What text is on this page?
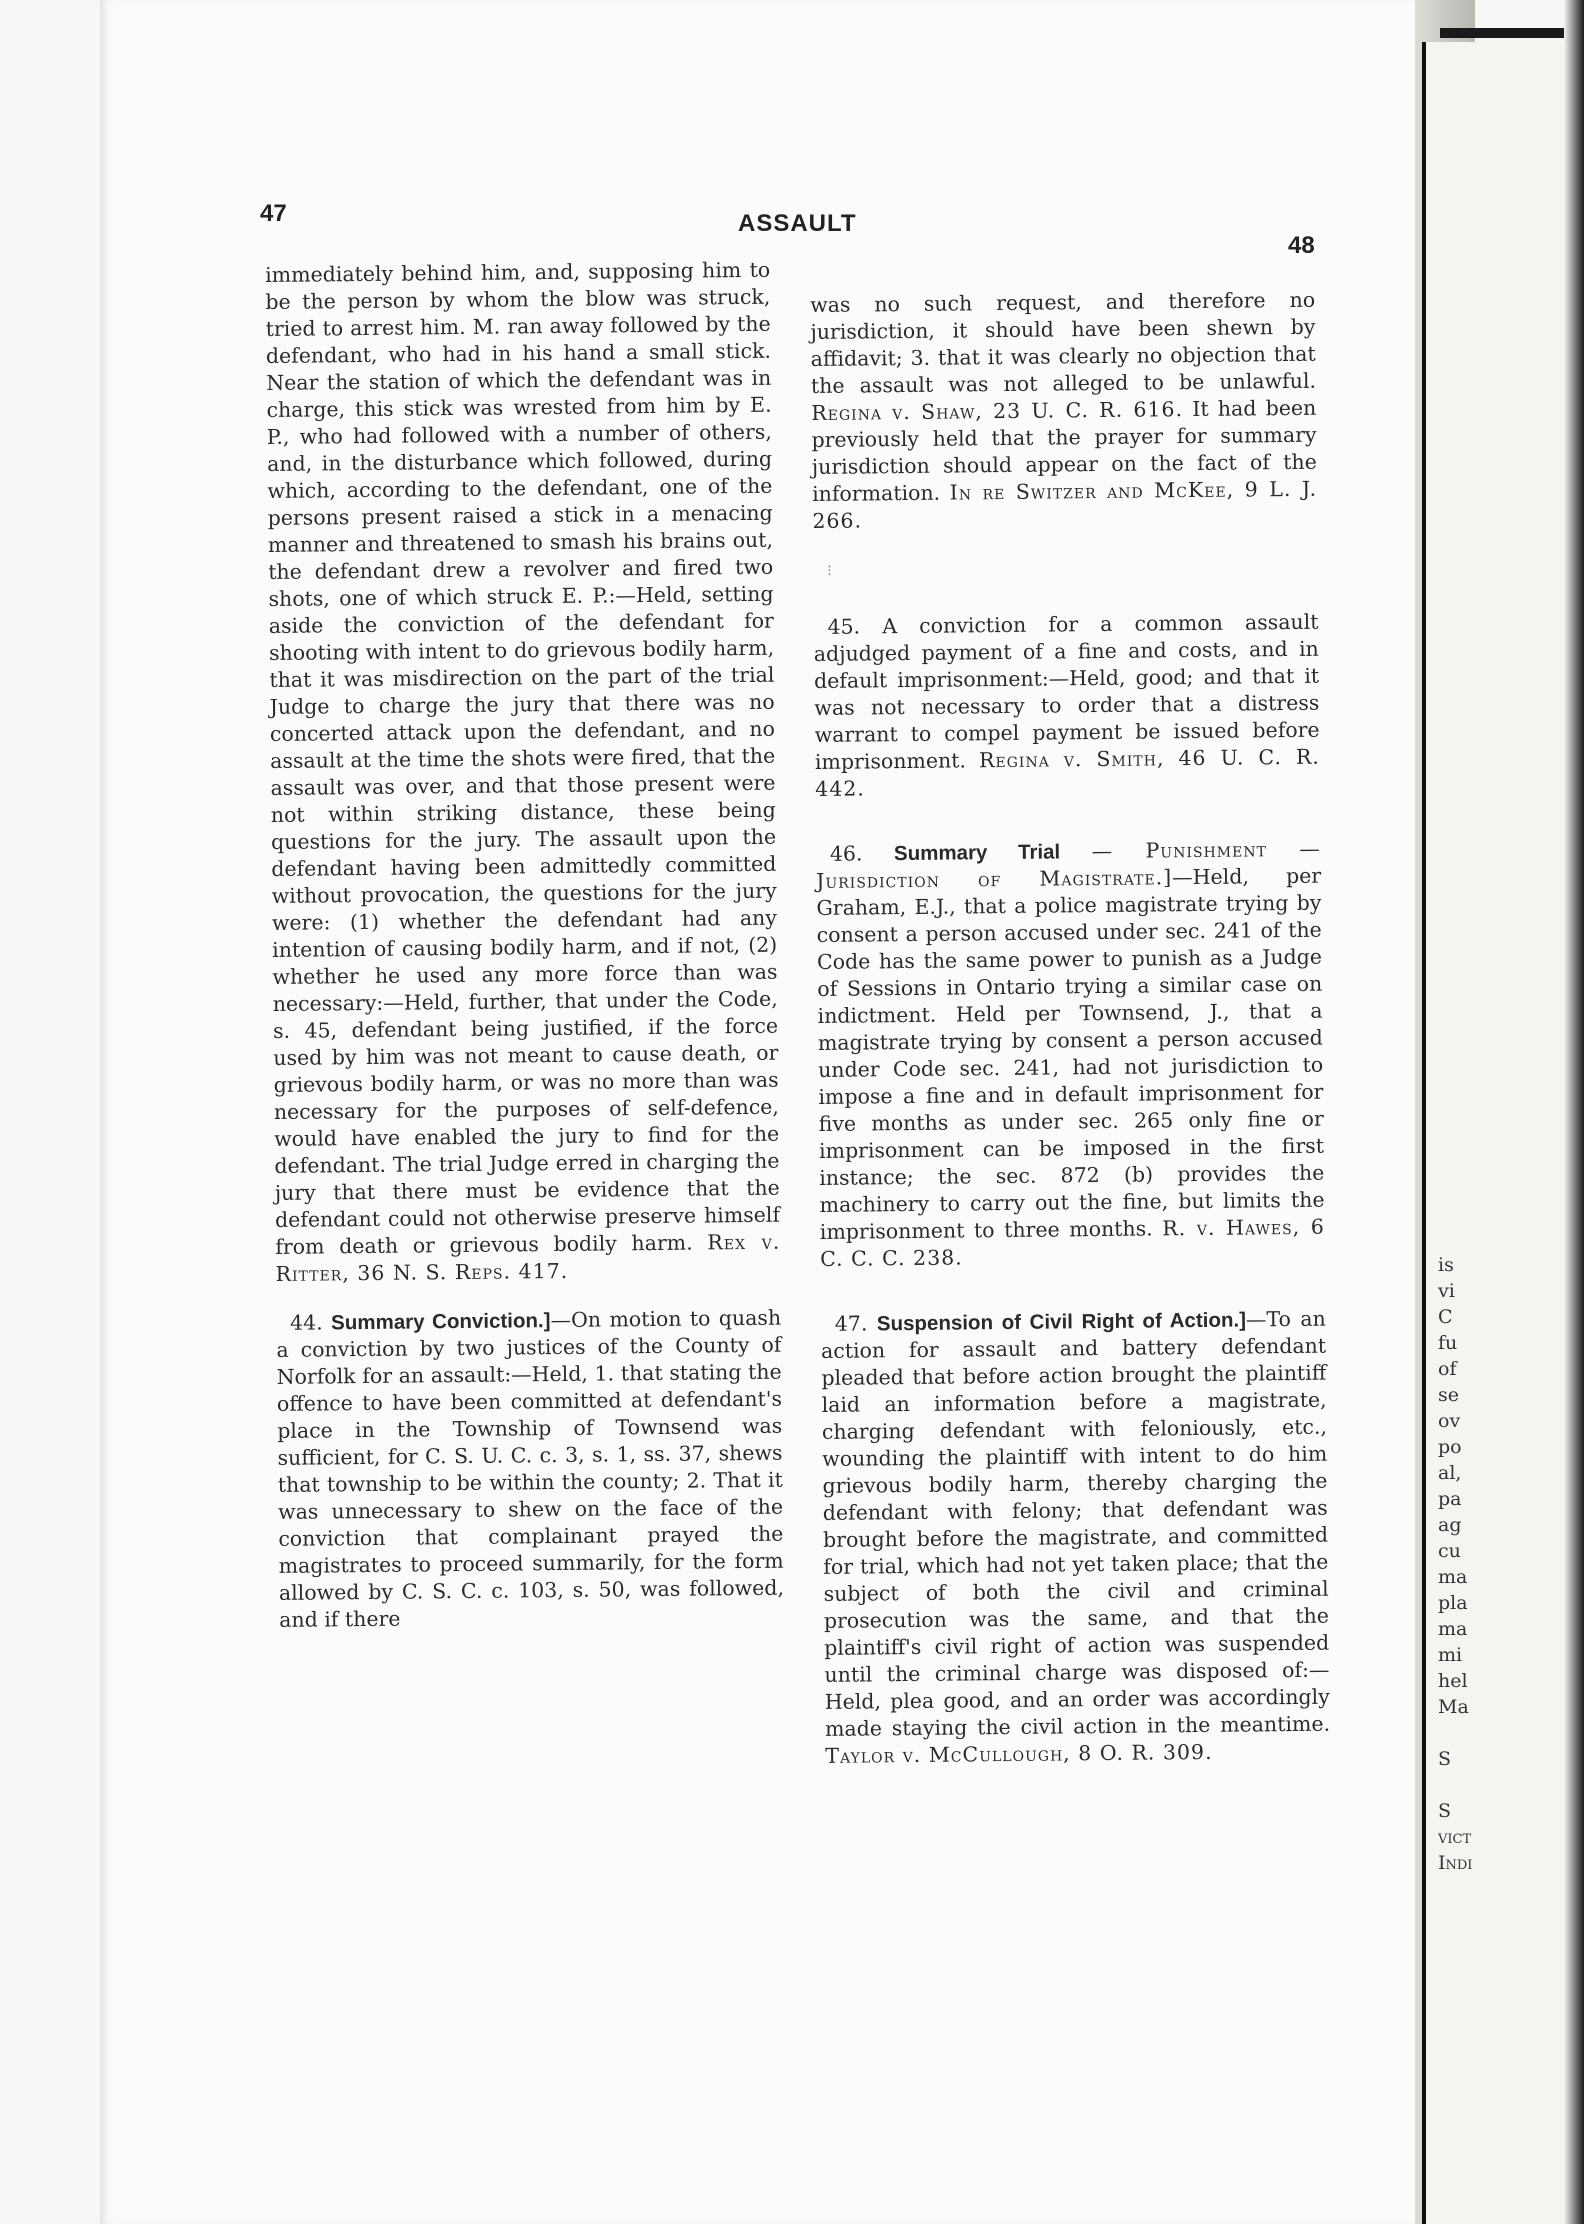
47	ASSAULT
48

immediately behind him, and, supposing him to be the person by whom the blow was struck, tried to arrest him. M. ran away followed by the defendant, who had in his hand a small stick. Near the station of which the defendant was in charge, this stick was wrested from him by E. P., who had followed with a number of others, and, in the disturbance which followed, during which, according to the defendant, one of the persons present raised a stick in a menacing manner and threatened to smash his brains out, the defendant drew a revolver and fired two shots, one of which struck E. P.:—Held, setting aside the conviction of the defendant for shooting with intent to do grievous bodily harm, that it was misdirection on the part of the trial Judge to charge the jury that there was no concerted attack upon the defendant, and no assault at the time the shots were fired, that the assault was over, and that those present were not within striking distance, these being questions for the jury. The assault upon the defendant having been admittedly committed without provocation, the questions for the jury were: (1) whether the defendant had any intention of causing bodily harm, and if not, (2) whether he used any more force than was necessary:—Held, further, that under the Code, s. 45, defendant being justified, if the force used by him was not meant to cause death, or grievous bodily harm, or was no more than was necessary for the purposes of self-defence, would have enabled the jury to find for the defendant. The trial Judge erred in charging the jury that there must be evidence that the defendant could not otherwise preserve himself from death or grievous bodily harm. Rex v. Ritter, 36 N. S. Reps. 417.

44. Summary Conviction.]—On motion to quash a conviction by two justices of the County of Norfolk for an assault:—Held, 1. that stating the offence to have been committed at defendant's place in the Township of Townsend was sufficient, for C. S. U. C. c. 3, s. 1, ss. 37, shews that township to be within the county; 2. That it was unnecessary to shew on the face of the conviction that complainant prayed the magistrates to proceed summarily, for the form allowed by C. S. C. c. 103, s. 50, was followed, and if there

was no such request, and therefore no jurisdiction, it should have been shewn by affidavit; 3. that it was clearly no objection that the assault was not alleged to be unlawful. Regina v. Shaw, 23 U. C. R. 616. It had been previously held that the prayer for summary jurisdiction should appear on the fact of the information. In re Switzer and McKee, 9 L. J. 266.

⁝

45. A conviction for a common assault adjudged payment of a fine and costs, and in default imprisonment:—Held, good; and that it was not necessary to order that a distress warrant to compel payment be issued before imprisonment. Regina v. Smith, 46 U. C. R. 442.

46. Summary Trial — Punishment — Jurisdiction of Magistrate.]—Held, per Graham, E.J., that a police magistrate trying by consent a person accused under sec. 241 of the Code has the same power to punish as a Judge of Sessions in Ontario trying a similar case on indictment. Held per Townsend, J., that a magistrate trying by consent a person accused under Code sec. 241, had not jurisdiction to impose a fine and in default imprisonment for five months as under sec. 265 only fine or imprisonment can be imposed in the first instance; the sec. 872 (b) provides the machinery to carry out the fine, but limits the imprisonment to three months. R. v. Hawes, 6 C. C. C. 238.

47. Suspension of Civil Right of Action.]—To an action for assault and battery defendant pleaded that before action brought the plaintiff laid an information before a magistrate, charging defendant with feloniously, etc., wounding the plaintiff with intent to do him grievous bodily harm, thereby charging the defendant with felony; that defendant was brought before the magistrate, and committed for trial, which had not yet taken place; that the subject of both the civil and criminal prosecution was the same, and that the plaintiff's civil right of action was suspended until the criminal charge was disposed of:—Held, plea good, and an order was accordingly made staying the civil action in the meantime. Taylor v. McCullough, 8 O. R. 309.

is
vi
C
fu
of
se
ov
po
al,
pa
ag
cu
ma
pla
ma
mi
hel
Ma
S
S
vict
Indi
